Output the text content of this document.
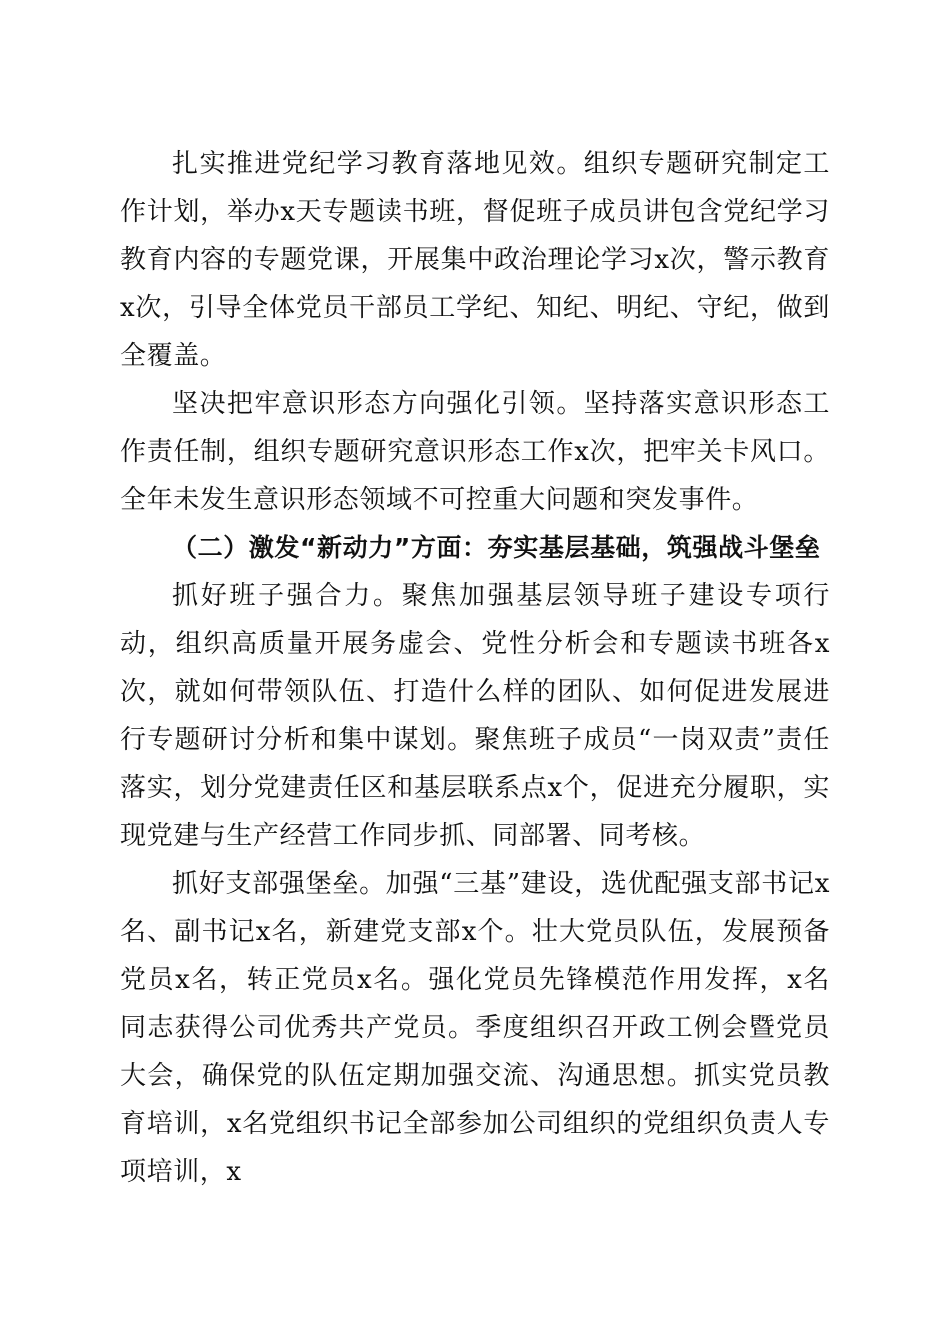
扎实推进党纪学习教育落地见效。组织专题研究制定工作计划，举办x天专题读书班，督促班子成员讲包含党纪学习教育内容的专题党课，开展集中政治理论学习x次，警示教育x次，引导全体党员干部员工学纪、知纪、明纪、守纪，做到全覆盖。

坚决把牢意识形态方向强化引领。坚持落实意识形态工作责任制，组织专题研究意识形态工作x次，把牢关卡风口。全年未发生意识形态领域不可控重大问题和突发事件。

（二）激发“新动力”方面：夯实基层基础，筑强战斗堡垒

抓好班子强合力。聚焦加强基层领导班子建设专项行动，组织高质量开展务虚会、党性分析会和专题读书班各x次，就如何带领队伍、打造什么样的团队、如何促进发展进行专题研讨分析和集中谋划。聚焦班子成员“一岗双责”责任落实，划分党建责任区和基层联系点x个，促进充分履职，实现党建与生产经营工作同步抓、同部署、同考核。

抓好支部强堡垒。加强“三基”建设，选优配强支部书记x名、副书记x名，新建党支部x个。壮大党员队伍，发展预备党员x名，转正党员x名。强化党员先锋模范作用发挥，x名同志获得公司优秀共产党员。季度组织召开政工例会暨党员大会，确保党的队伍定期加强交流、沟通思想。抓实党员教育培训，x名党组织书记全部参加公司组织的党组织负责人专项培训，x
